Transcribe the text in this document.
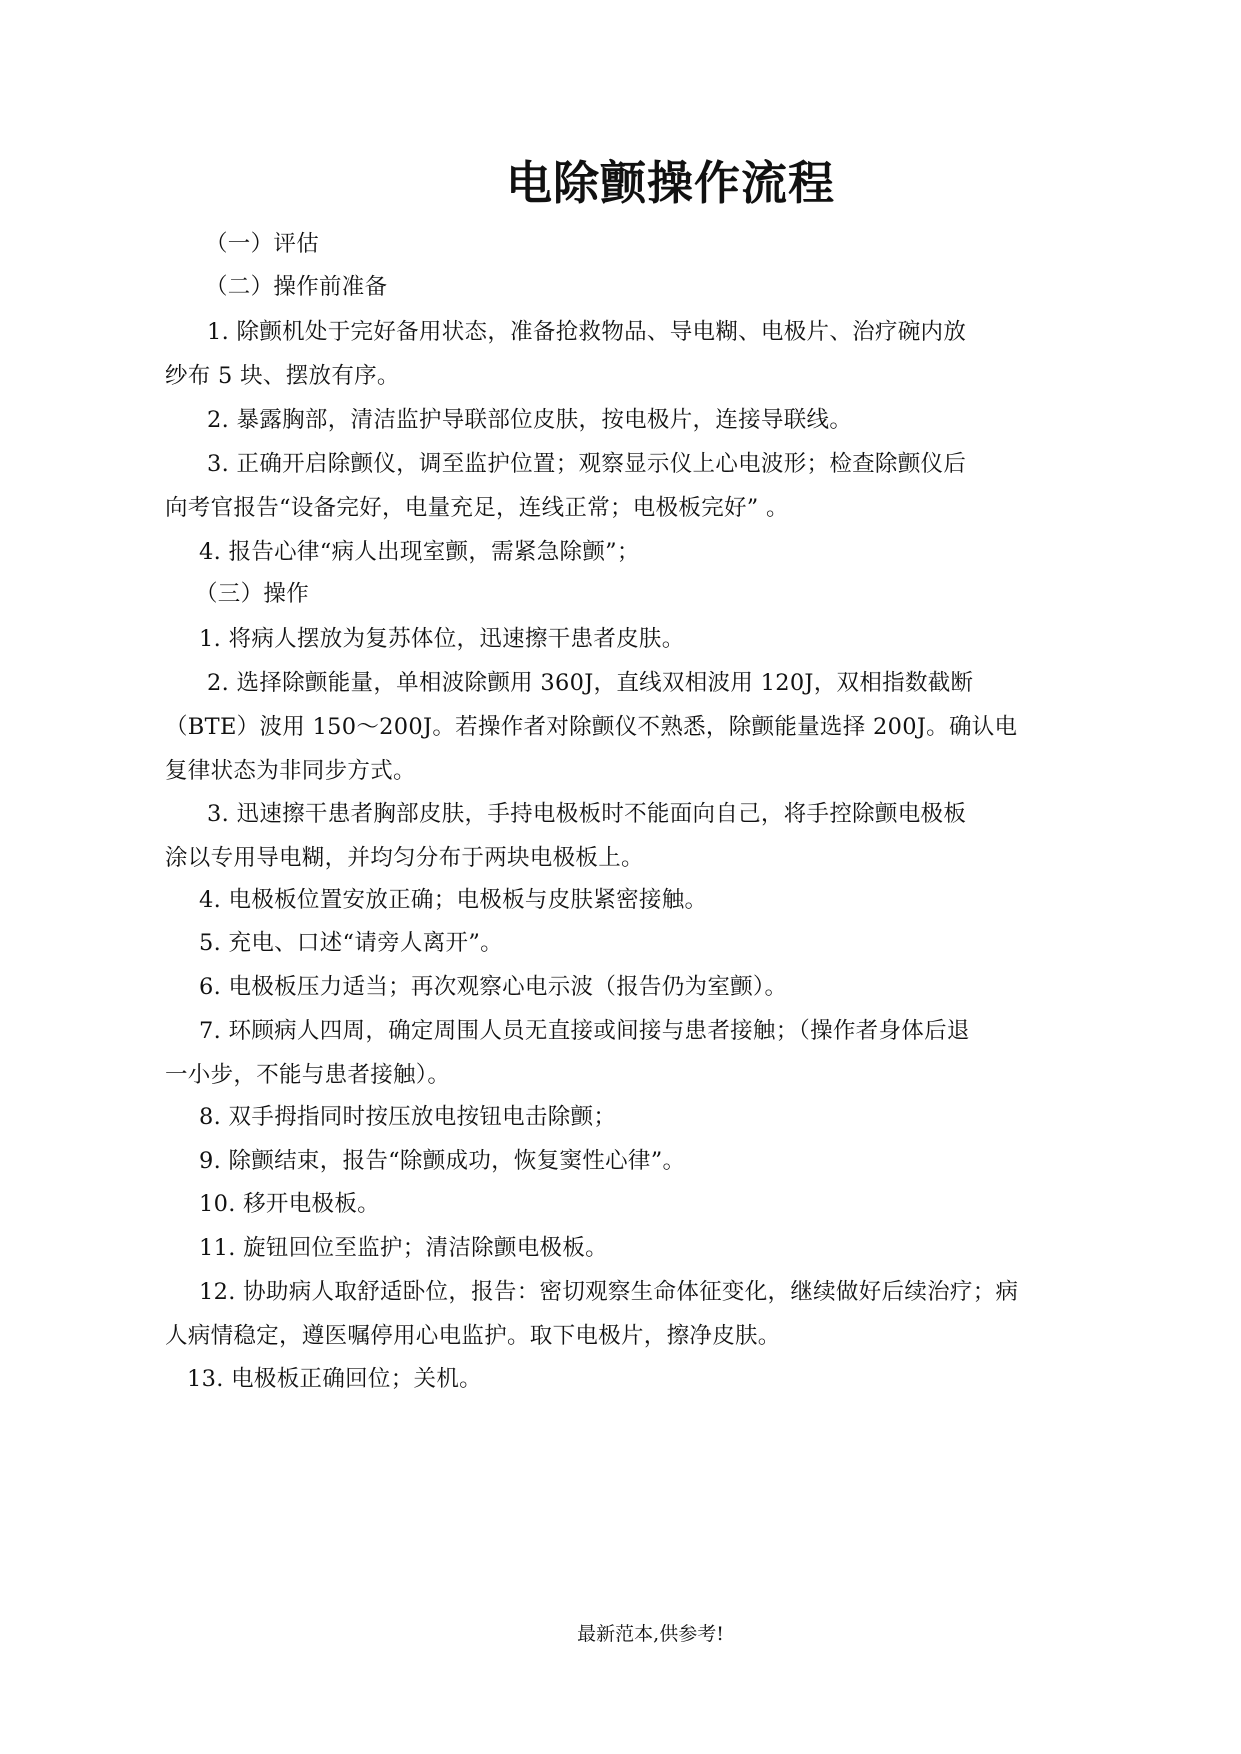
电除颤操作流程

（一）评估

（二）操作前准备

1. 除颤机处于完好备用状态，准备抢救物品、导电糊、电极片、治疗碗内放

纱布 5 块、摆放有序。

2. 暴露胸部，清洁监护导联部位皮肤，按电极片，连接导联线。

3. 正确开启除颤仪，调至监护位置；观察显示仪上心电波形；检查除颤仪后

向考官报告“设备完好，电量充足，连线正常；电极板完好” 。

4. 报告心律“病人出现室颤，需紧急除颤”；

（三）操作

1. 将病人摆放为复苏体位，迅速擦干患者皮肤。

2. 选择除颤能量，单相波除颤用 360J，直线双相波用 120J，双相指数截断

（BTE）波用 150～200J。若操作者对除颤仪不熟悉，除颤能量选择 200J。确认电

复律状态为非同步方式。

3. 迅速擦干患者胸部皮肤，手持电极板时不能面向自己，将手控除颤电极板

涂以专用导电糊，并均匀分布于两块电极板上。

4. 电极板位置安放正确；电极板与皮肤紧密接触。

5. 充电、口述“请旁人离开”。

6. 电极板压力适当；再次观察心电示波（报告仍为室颤）。

7. 环顾病人四周，确定周围人员无直接或间接与患者接触；（操作者身体后退

一小步，不能与患者接触）。

8. 双手拇指同时按压放电按钮电击除颤；

9. 除颤结束，报告“除颤成功，恢复窦性心律”。

10. 移开电极板。

11. 旋钮回位至监护；清洁除颤电极板。

12. 协助病人取舒适卧位，报告：密切观察生命体征变化，继续做好后续治疗；病

人病情稳定，遵医嘱停用心电监护。取下电极片，擦净皮肤。

13. 电极板正确回位；关机。

最新范本,供参考!
